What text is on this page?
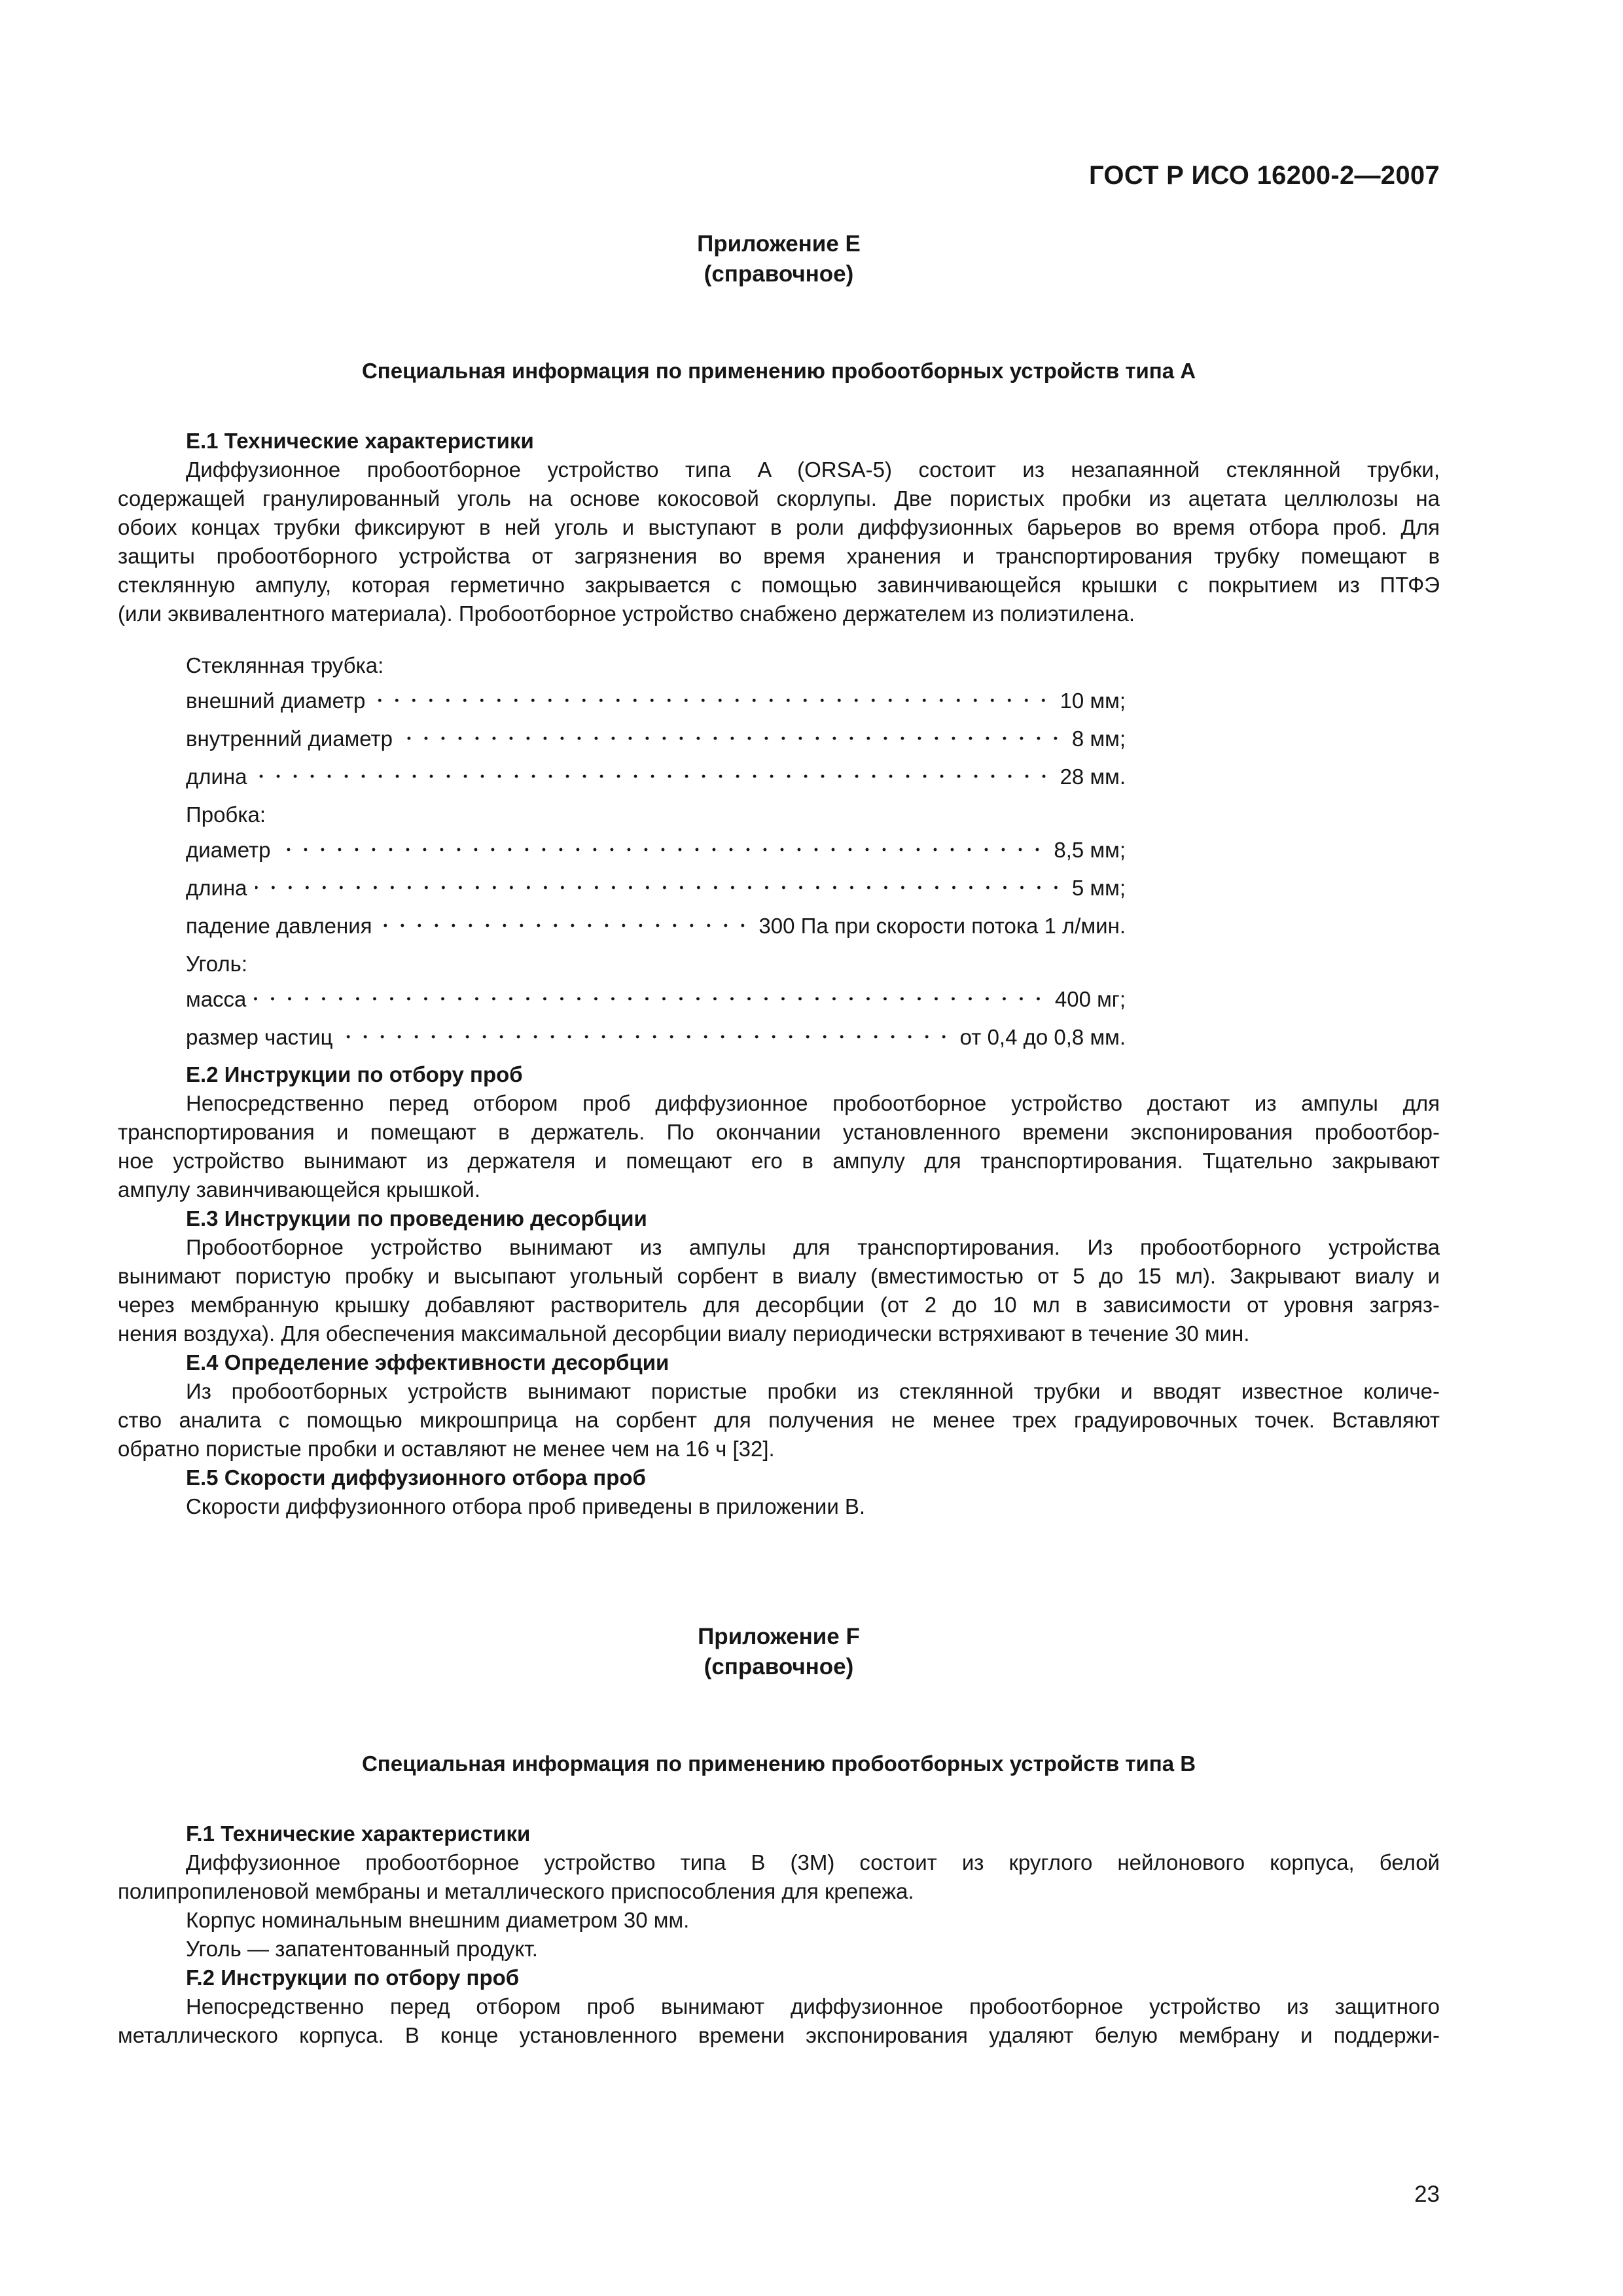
ГОСТ Р ИСО 16200-2—2007
Приложение E
(справочное)
Специальная информация по применению пробоотборных устройств типа А
Е.1 Технические характеристики

Диффузионное пробоотборное устройство типа A (ORSA-5) состоит из незапаянной стеклянной трубки,

содержащей гранулированный уголь на основе кокосовой скорлупы. Две пористых пробки из ацетата целлюлозы на

обоих концах трубки фиксируют в ней уголь и выступают в роли диффузионных барьеров во время отбора проб. Для

защиты пробоотборного устройства от загрязнения во время хранения и транспортирования трубку помещают в

стеклянную ампулу, которая герметично закрывается с помощью завинчивающейся крышки с покрытием из ПТФЭ

(или эквивалентного материала). Пробоотборное устройство снабжено держателем из полиэтилена.

Стеклянная трубка:
внешний диаметр	10 мм;
внутренний диаметр	8 мм;
длина	28 мм.
Пробка:
диаметр	8,5 мм;
длина	5 мм;
падение давления	300 Па при скорости потока 1 л/мин.
Уголь:
масса	400 мг;
размер частиц	от 0,4 до 0,8 мм.
Е.2 Инструкции по отбору проб

Непосредственно перед отбором проб диффузионное пробоотборное устройство достают из ампулы для

транспортирования и помещают в держатель. По окончании установленного времени экспонирования пробоотбор-

ное устройство вынимают из держателя и помещают его в ампулу для транспортирования. Тщательно закрывают

ампулу завинчивающейся крышкой.

Е.3 Инструкции по проведению десорбции

Пробоотборное устройство вынимают из ампулы для транспортирования. Из пробоотборного устройства

вынимают пористую пробку и высыпают угольный сорбент в виалу (вместимостью от 5 до 15 мл). Закрывают виалу и

через мембранную крышку добавляют растворитель для десорбции (от 2 до 10 мл в зависимости от уровня загряз-

нения воздуха). Для обеспечения максимальной десорбции виалу периодически встряхивают в течение 30 мин.

Е.4 Определение эффективности десорбции

Из пробоотборных устройств вынимают пористые пробки из стеклянной трубки и вводят известное количе-

ство аналита с помощью микрошприца на сорбент для получения не менее трех градуировочных точек. Вставляют

обратно пористые пробки и оставляют не менее чем на 16 ч [32].

Е.5 Скорости диффузионного отбора проб

Скорости диффузионного отбора проб приведены в приложении B.

Приложение F
(справочное)
Специальная информация по применению пробоотборных устройств типа B
F.1 Технические характеристики

Диффузионное пробоотборное устройство типа B (3M) состоит из круглого нейлонового корпуса, белой

полипропиленовой мембраны и металлического приспособления для крепежа.

Корпус номинальным внешним диаметром 30 мм.

Уголь — запатентованный продукт.

F.2 Инструкции по отбору проб

Непосредственно перед отбором проб вынимают диффузионное пробоотборное устройство из защитного

металлического корпуса. В конце установленного времени экспонирования удаляют белую мембрану и поддержи-

23
